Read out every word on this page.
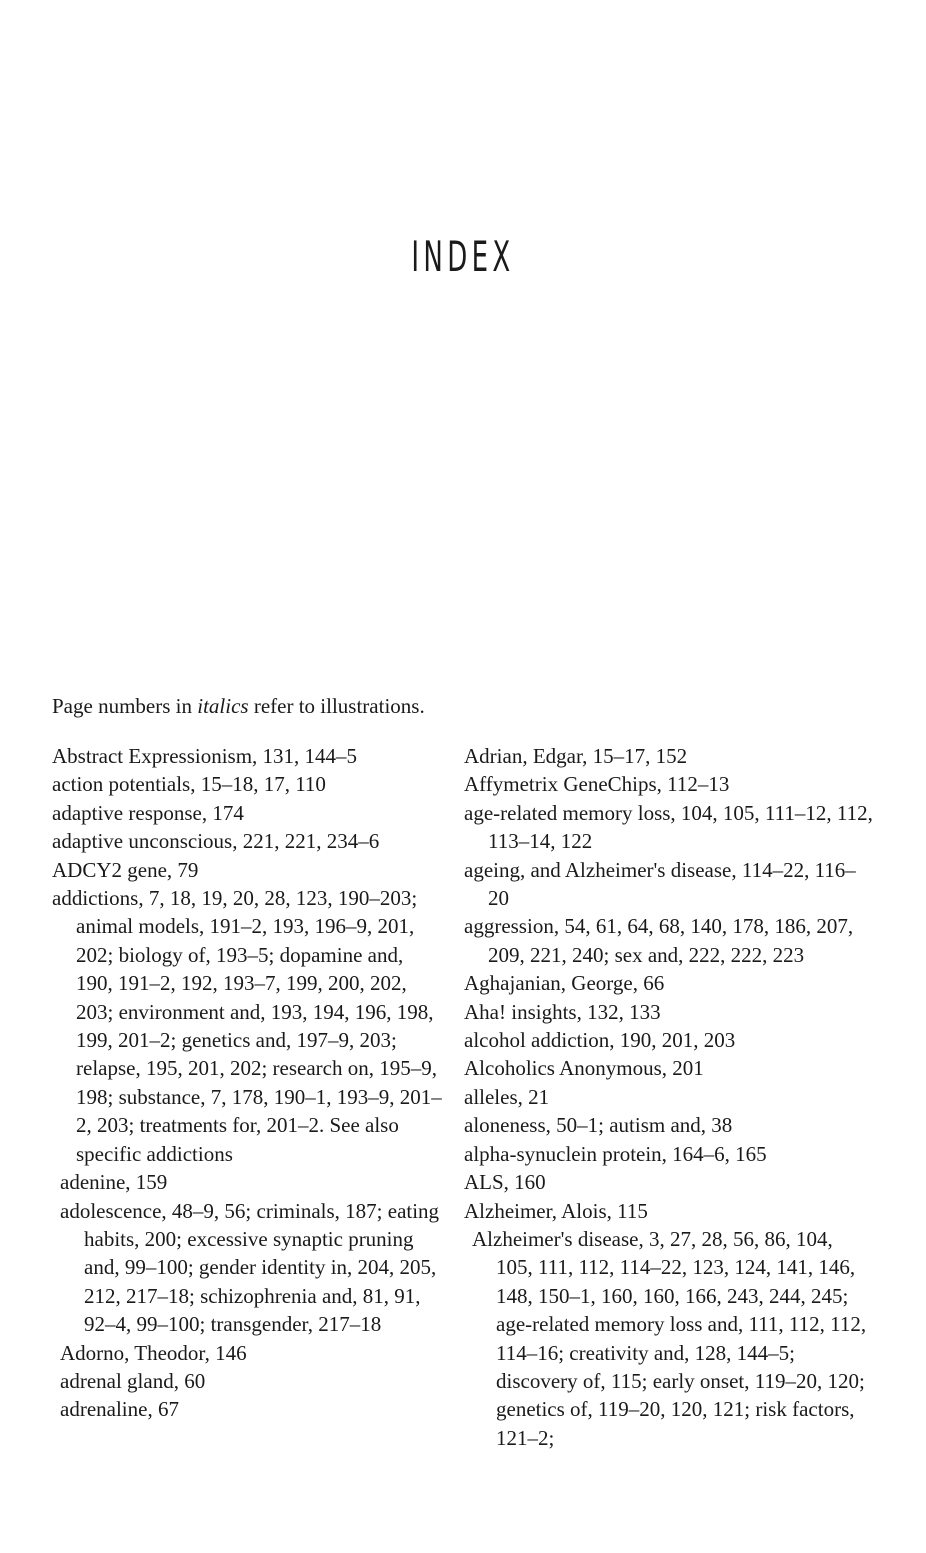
INDEX
Page numbers in italics refer to illustrations.

Abstract Expressionism, 131, 144–5

action potentials, 15–18, 17, 110

adaptive response, 174

adaptive unconscious, 221, 221, 234–6

ADCY2 gene, 79

addictions, 7, 18, 19, 20, 28, 123, 190–203; animal models, 191–2, 193, 196–9, 201, 202; biology of, 193–5; dopamine and, 190, 191–2, 192, 193–7, 199, 200, 202, 203; environment and, 193, 194, 196, 198, 199, 201–2; genetics and, 197–9, 203; relapse, 195, 201, 202; research on, 195–9, 198; substance, 7, 178, 190–1, 193–9, 201–2, 203; treatments for, 201–2. See also specific addictions

adenine, 159

adolescence, 48–9, 56; criminals, 187; eating habits, 200; excessive synaptic pruning and, 99–100; gender identity in, 204, 205, 212, 217–18; schizophrenia and, 81, 91, 92–4, 99–100; transgender, 217–18

Adorno, Theodor, 146

adrenal gland, 60

adrenaline, 67

Adrian, Edgar, 15–17, 152

Affymetrix GeneChips, 112–13

age-related memory loss, 104, 105, 111–12, 112, 113–14, 122

ageing, and Alzheimer's disease, 114–22, 116–20

aggression, 54, 61, 64, 68, 140, 178, 186, 207, 209, 221, 240; sex and, 222, 222, 223

Aghajanian, George, 66

Aha! insights, 132, 133

alcohol addiction, 190, 201, 203

Alcoholics Anonymous, 201

alleles, 21

aloneness, 50–1; autism and, 38

alpha-synuclein protein, 164–6, 165

ALS, 160

Alzheimer, Alois, 115

Alzheimer's disease, 3, 27, 28, 56, 86, 104, 105, 111, 112, 114–22, 123, 124, 141, 146, 148, 150–1, 160, 160, 166, 243, 244, 245; age-related memory loss and, 111, 112, 112, 114–16; creativity and, 128, 144–5; discovery of, 115; early onset, 119–20, 120; genetics of, 119–20, 120, 121; risk factors, 121–2;
